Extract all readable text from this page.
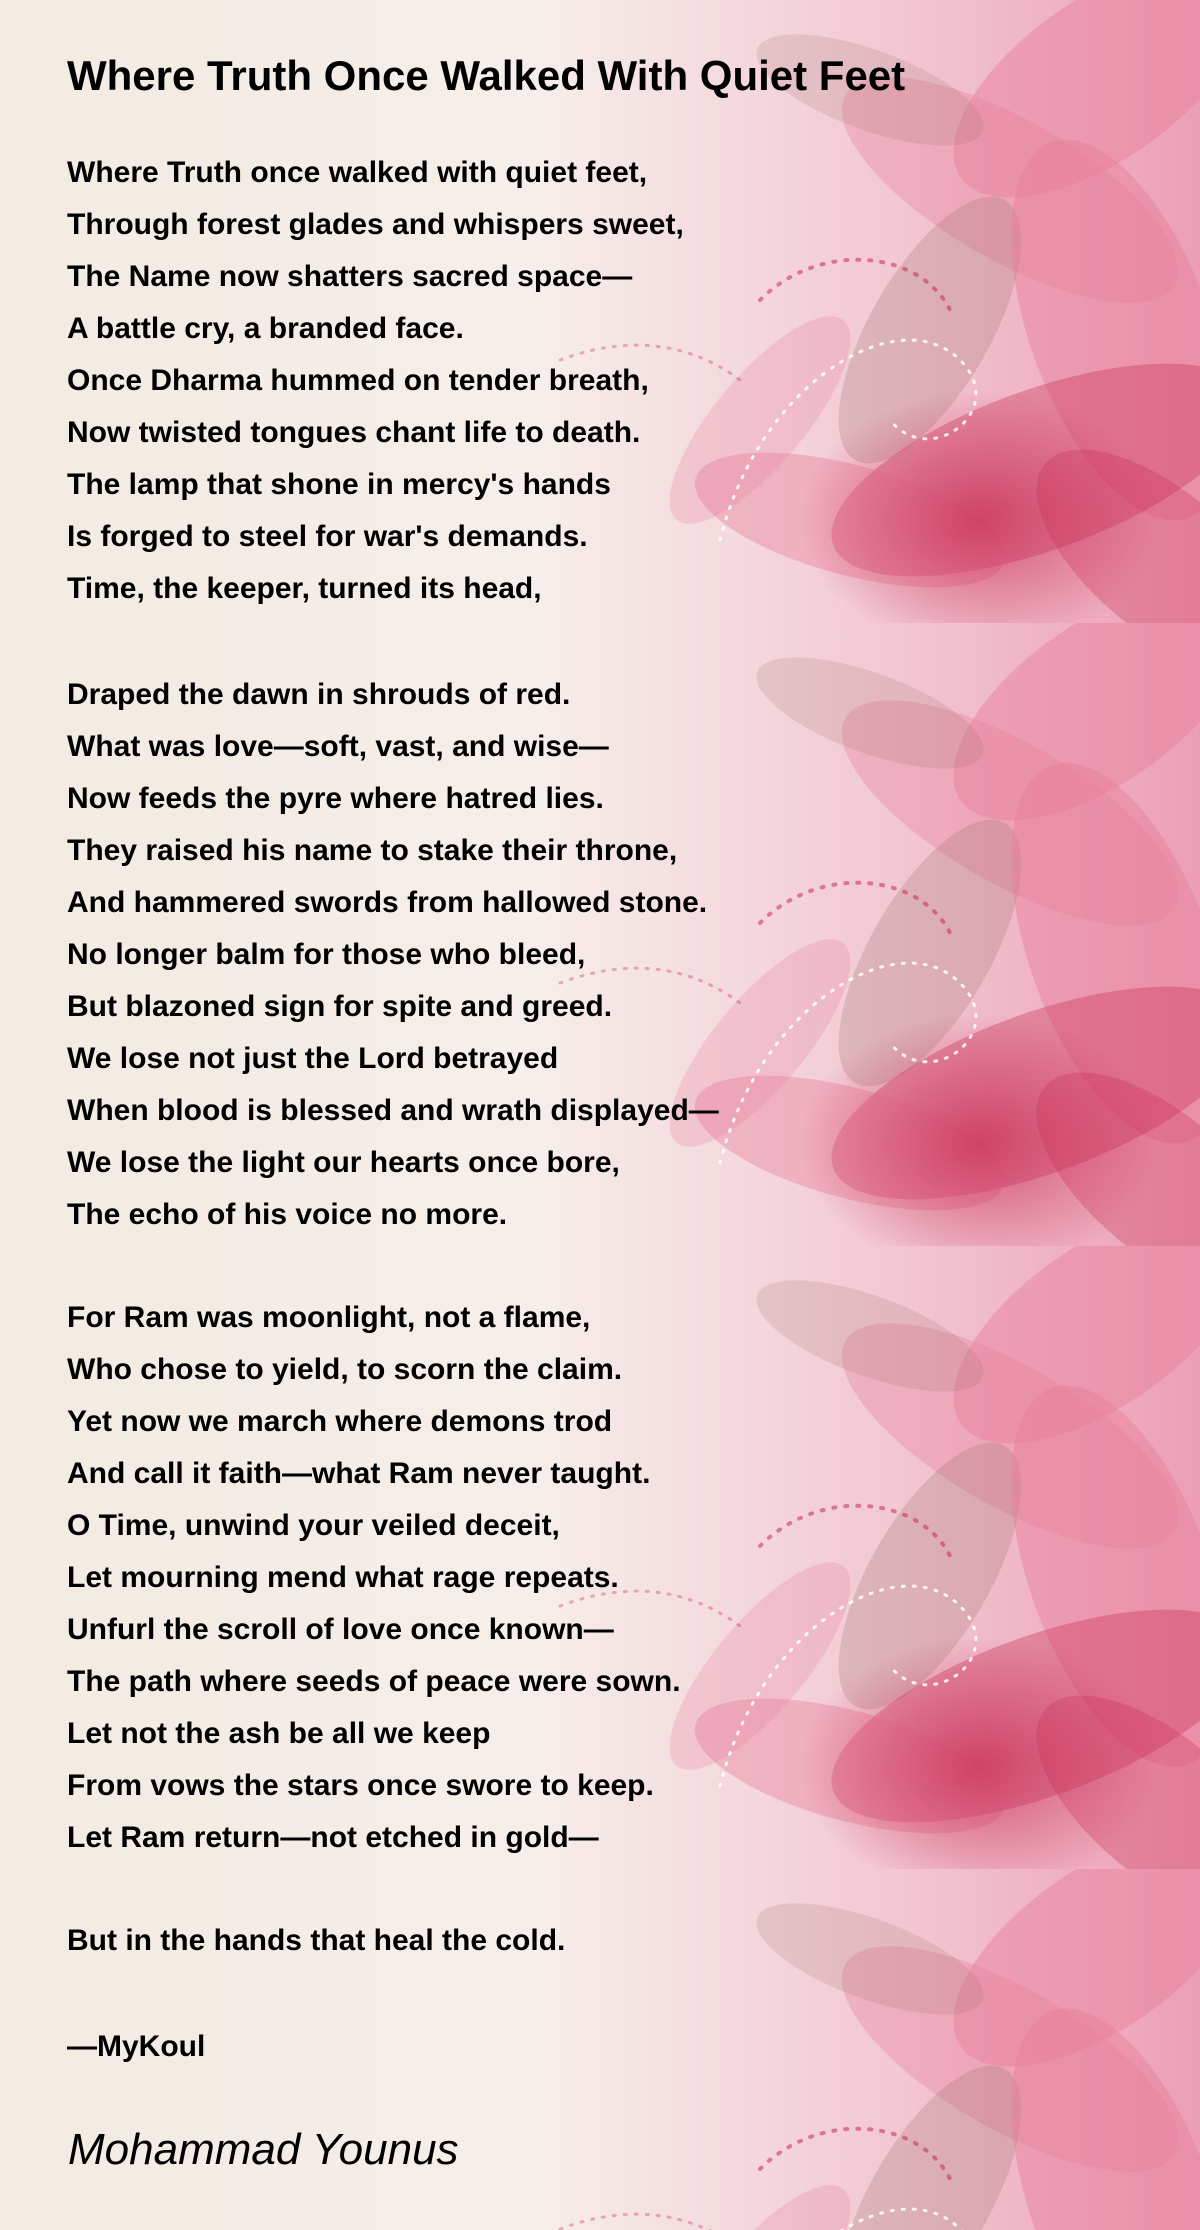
Where Truth Once Walked With Quiet Feet

Where Truth once walked with quiet feet,

Through forest glades and whispers sweet,

The Name now shatters sacred space—

A battle cry, a branded face.

Once Dharma hummed on tender breath,

Now twisted tongues chant life to death.

The lamp that shone in mercy's hands

Is forged to steel for war's demands.

Time, the keeper, turned its head,

Draped the dawn in shrouds of red.

What was love—soft, vast, and wise—

Now feeds the pyre where hatred lies.

They raised his name to stake their throne,

And hammered swords from hallowed stone.

No longer balm for those who bleed,

But blazoned sign for spite and greed.

We lose not just the Lord betrayed

When blood is blessed and wrath displayed—

We lose the light our hearts once bore,

The echo of his voice no more.

For Ram was moonlight, not a flame,

Who chose to yield, to scorn the claim.

Yet now we march where demons trod

And call it faith—what Ram never taught.

O Time, unwind your veiled deceit,

Let mourning mend what rage repeats.

Unfurl the scroll of love once known—

The path where seeds of peace were sown.

Let not the ash be all we keep

From vows the stars once swore to keep.

Let Ram return—not etched in gold—

But in the hands that heal the cold.

—MyKoul

Mohammad Younus
